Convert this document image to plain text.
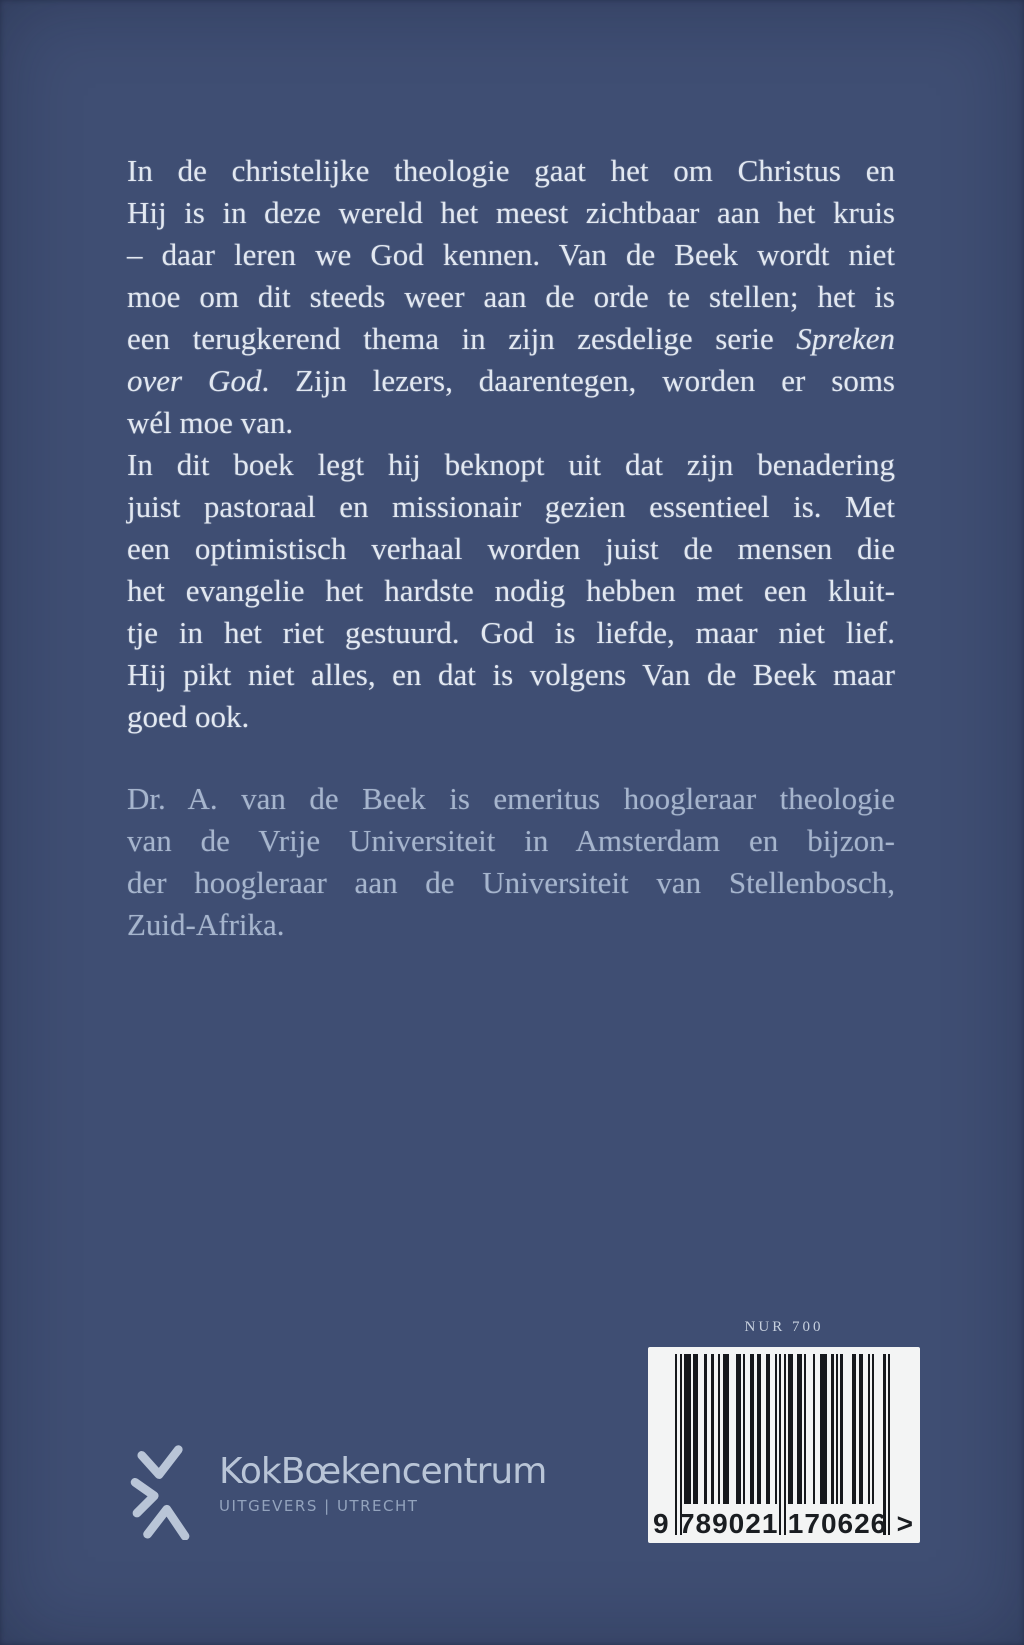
In de christelijke theologie gaat het om Christus en
Hij is in deze wereld het meest zichtbaar aan het kruis
– daar leren we God kennen. Van de Beek wordt niet
moe om dit steeds weer aan de orde te stellen; het is
een terugkerend thema in zijn zesdelige serie Spreken
over God. Zijn lezers, daarentegen, worden er soms
wél moe van.
In dit boek legt hij beknopt uit dat zijn benadering
juist pastoraal en missionair gezien essentieel is. Met
een optimistisch verhaal worden juist de mensen die
het evangelie het hardste nodig hebben met een kluit-
tje in het riet gestuurd. God is liefde, maar niet lief.
Hij pikt niet alles, en dat is volgens Van de Beek maar
goed ook.
Dr. A. van de Beek is emeritus hoogleraar theologie
van de Vrije Universiteit in Amsterdam en bijzon-
der hoogleraar aan de Universiteit van Stellenbosch,
Zuid-Afrika.
NUR 700
9 789021 170626 >
KokBœkencentrum
UITGEVERS | UTRECHT
